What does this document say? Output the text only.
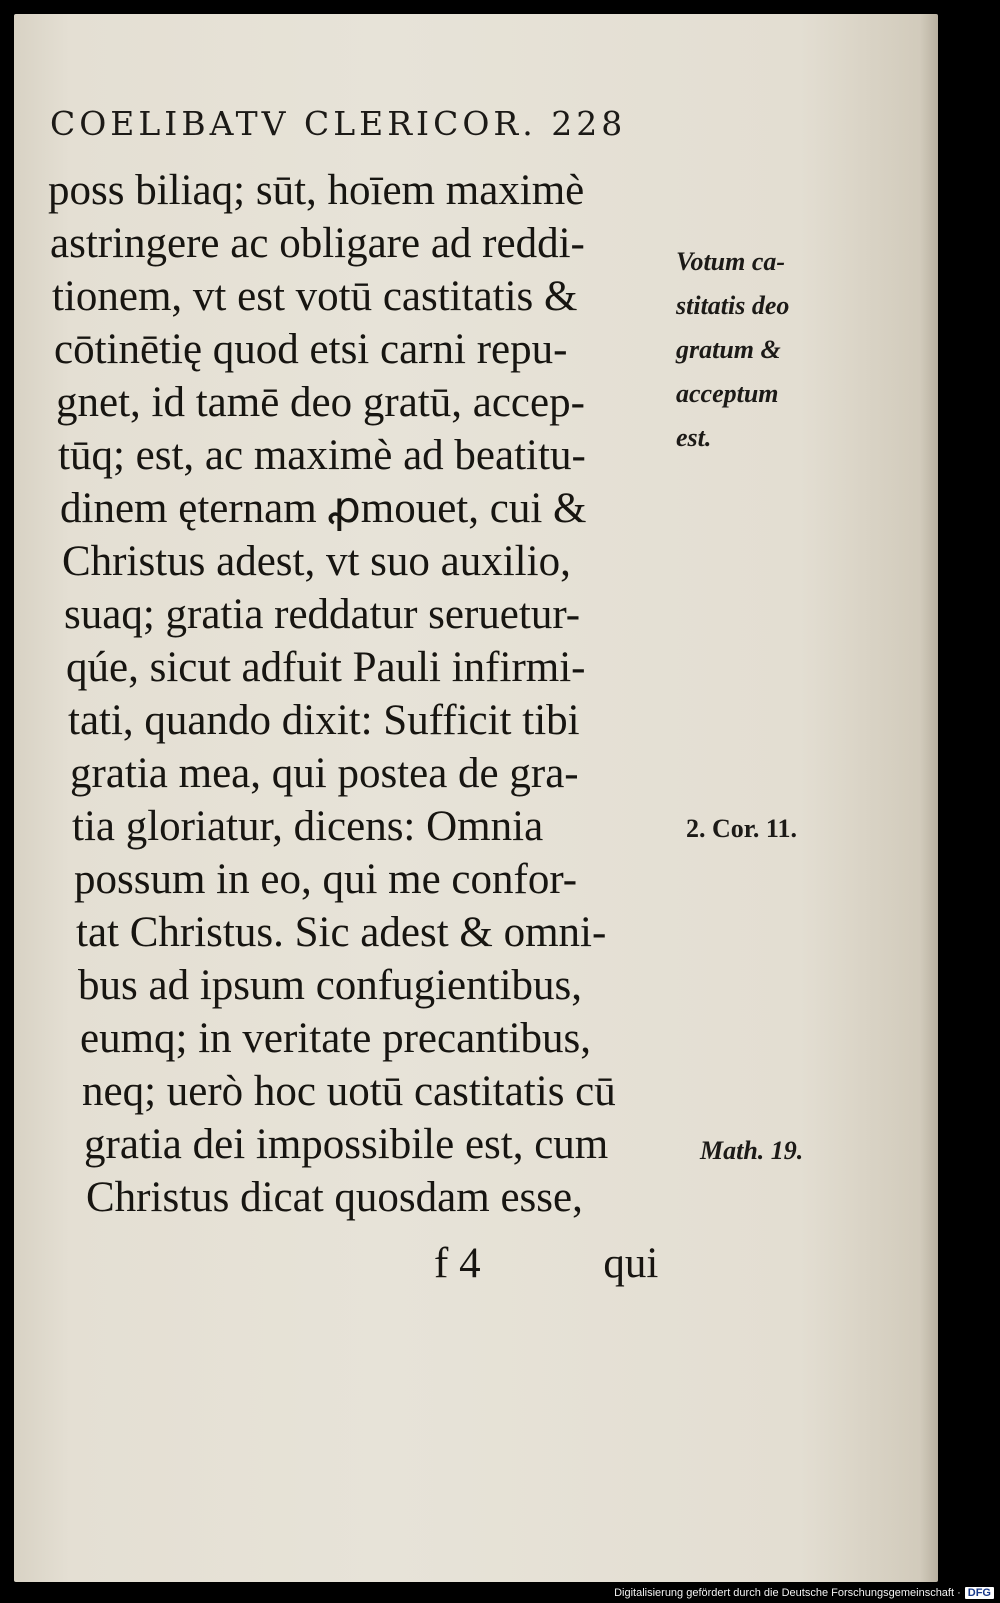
COELIBATV CLERICOR. 228
poss biliaq; sūt, hoīem maximè
astringere ac obligare ad reddi-
tionem, vt est votū castitatis &
cōtinētię quod etsi carni repu-
gnet, id tamē deo gratū, accep-
tūq; est, ac maximè ad beatitu-
dinem ęternam ꝓmouet, cui &
Christus adest, vt suo auxilio,
suaq; gratia reddatur seruetur-
qúe, sicut adfuit Pauli infirmi-
tati, quando dixit: Sufficit tibi
gratia mea, qui postea de gra-
tia gloriatur, dicens: Omnia
possum in eo, qui me confor-
tat Christus. Sic adest & omni-
bus ad ipsum confugientibus,
eumq; in veritate precantibus,
neq; uerò hoc uotū castitatis cū
gratia dei impossibile est, cum
Christus dicat quosdam esse,
f 4	qui
Votum ca-
stitatis deo
gratum &
acceptum
est.
2. Cor. 11.
Math. 19.
Digitalisierung gefördert durch die Deutsche Forschungsgemeinschaft · DFG
